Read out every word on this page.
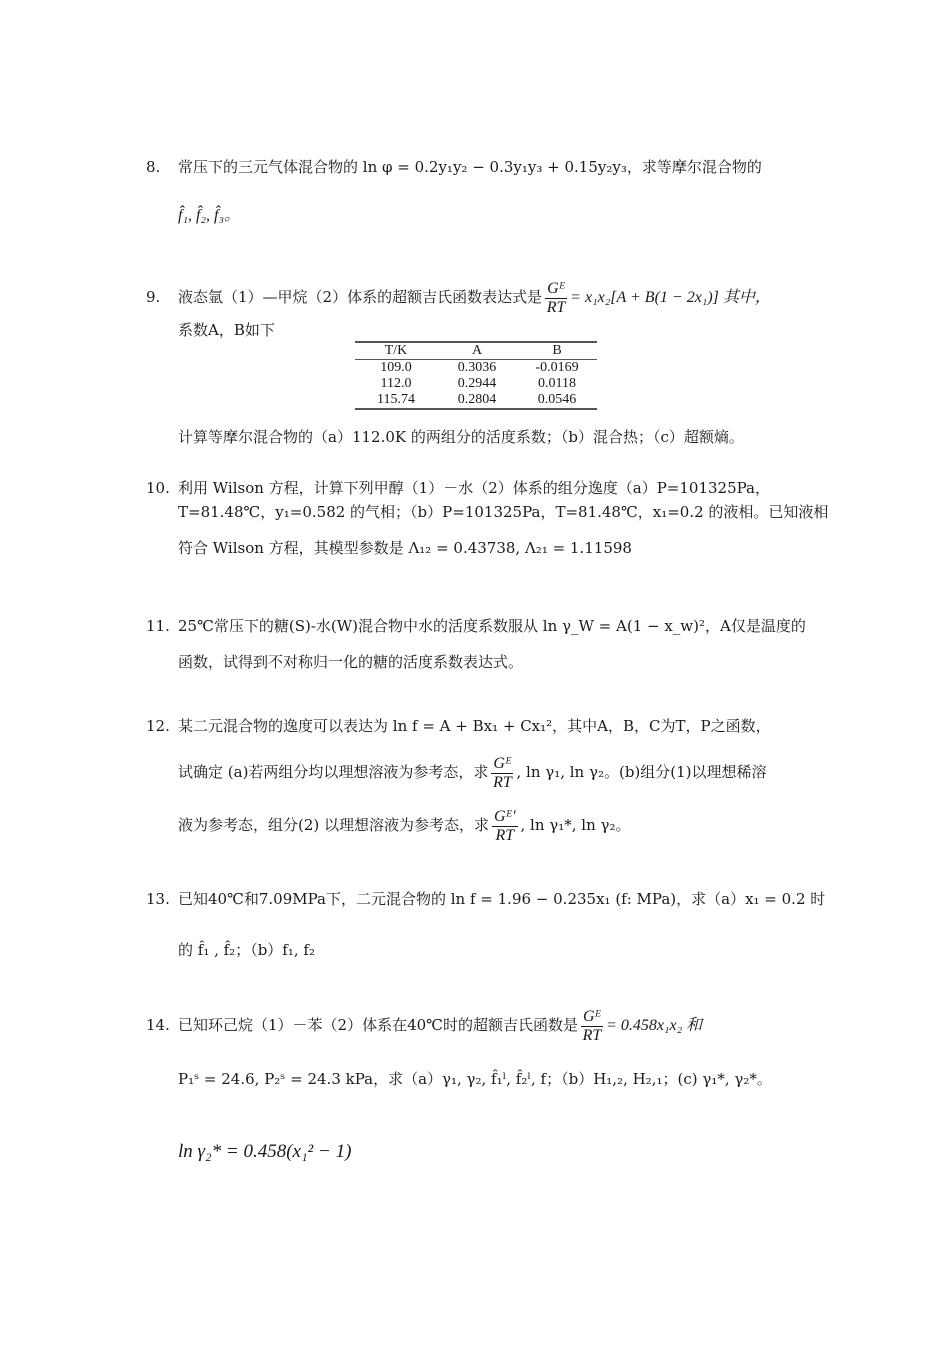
8. 常压下的三元气体混合物的 ln φ = 0.2y₁y₂ − 0.3y₁y₃ + 0.15y₂y₃，求等摩尔混合物的
f̂₁, f̂₂, f̂₃。
9. 液态氩（1）—甲烷（2）体系的超额吉氏函数表达式是 $\frac{\text{Gᴱ}}{RT} = x_1x_2[A + B(1 - 2x_1)]$ 其中，
系数A，B如下
T/K	A	B
109.0	0.3036	-0.0169
112.0	0.2944	0.0118
115.74	0.2804	0.0546
计算等摩尔混合物的（a）112.0K 的两组分的活度系数；（b）混合热；（c）超额熵。
10. 利用 Wilson 方程，计算下列甲醇（1）－水（2）体系的组分逸度（a）P=101325Pa，
T=81.48℃，y₁=0.582 的气相；（b）P=101325Pa，T=81.48℃，x₁=0.2 的液相。已知液相
符合 Wilson 方程，其模型参数是 Λ₁₂ = 0.43738, Λ₂₁ = 1.11598
11. 25℃常压下的糖(S)-水(W)混合物中水的活度系数服从 ln γ_W = A(1 − x_w)²，A仅是温度的
函数，试得到不对称归一化的糖的活度系数表达式。
12. 某二元混合物的逸度可以表达为 ln f = A + Bx₁ + Cx₁²，其中A，B，C为T，P之函数，
试确定 (a)若两组分均以理想溶液为参考态，求 $\frac{\text{Gᴱ}}{RT}$ , ln γ₁, ln γ₂。(b)组分(1)以理想稀溶
液为参考态，组分(2) 以理想溶液为参考态，求 $\frac{\text{Gᴱ'}}{RT}$ , ln γ₁*, ln γ₂。
13. 已知40℃和7.09MPa下，二元混合物的 ln f = 1.96 − 0.235x₁ (f: MPa)，求（a）x₁ = 0.2 时
的 f̂₁ , f̂₂；（b）f₁, f₂
14. 已知环己烷（1）－苯（2）体系在40℃时的超额吉氏函数是 $\frac{\text{Gᴱ}}{RT} = 0.458x_1x_2$ 和
P₁ˢ = 24.6, P₂ˢ = 24.3 kPa，求（a）γ₁, γ₂, f̂₁ˡ, f̂₂ˡ, f；（b）H₁,₂, H₂,₁；(c) γ₁*, γ₂*。
ln γ₂* = 0.458(x₁² − 1)
